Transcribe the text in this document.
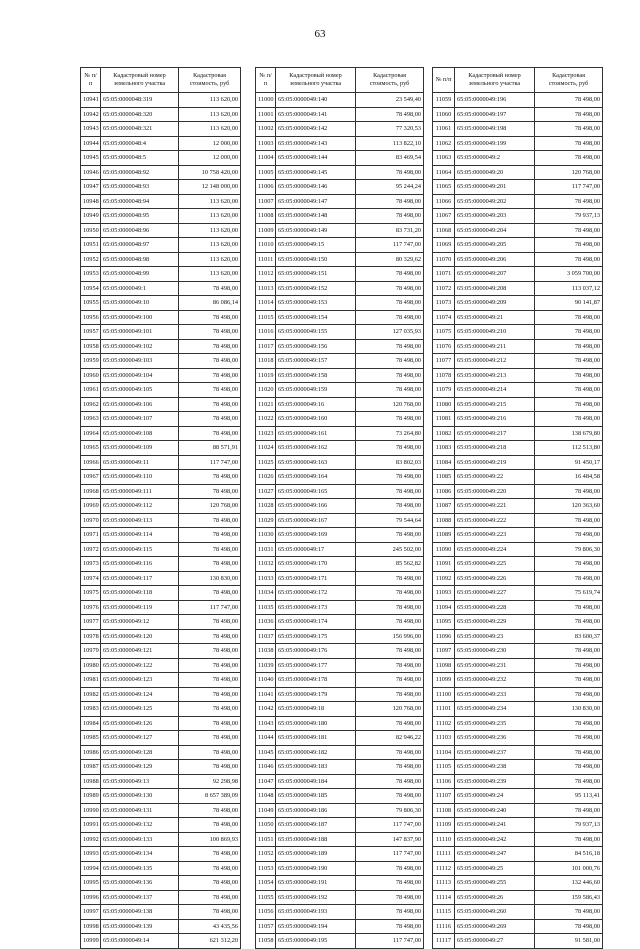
63
№ п/п	Кадастровый номер земельного участка	Кадастровая стоимость, руб
10941	65:05:0000048:319	113 620,00
10942	65:05:0000048:320	113 620,00
10943	65:05:0000048:321	113 620,00
10944	65:05:0000048:4	12 000,00
10945	65:05:0000048:5	12 000,00
10946	65:05:0000048:92	10 758 420,00
10947	65:05:0000048:93	12 148 000,00
10948	65:05:0000048:94	113 620,00
10949	65:05:0000048:95	113 620,00
10950	65:05:0000048:96	113 620,00
10951	65:05:0000048:97	113 620,00
10952	65:05:0000048:98	113 620,00
10953	65:05:0000048:99	113 620,00
10954	65:05:0000049:1	78 498,00
10955	65:05:0000049:10	86 086,14
10956	65:05:0000049:100	78 498,00
10957	65:05:0000049:101	78 498,00
10958	65:05:0000049:102	78 498,00
10959	65:05:0000049:103	78 498,00
10960	65:05:0000049:104	78 498,00
10961	65:05:0000049:105	78 498,00
10962	65:05:0000049:106	78 498,00
10963	65:05:0000049:107	78 498,00
10964	65:05:0000049:108	78 498,00
10965	65:05:0000049:109	88 571,91
10966	65:05:0000049:11	117 747,00
10967	65:05:0000049:110	78 498,00
10968	65:05:0000049:111	78 498,00
10969	65:05:0000049:112	120 768,00
10970	65:05:0000049:113	78 498,00
10971	65:05:0000049:114	78 498,00
10972	65:05:0000049:115	78 498,00
10973	65:05:0000049:116	78 498,00
10974	65:05:0000049:117	130 830,00
10975	65:05:0000049:118	78 498,00
10976	65:05:0000049:119	117 747,00
10977	65:05:0000049:12	78 498,00
10978	65:05:0000049:120	78 498,00
10979	65:05:0000049:121	78 498,00
10980	65:05:0000049:122	78 498,00
10981	65:05:0000049:123	78 498,00
10982	65:05:0000049:124	78 498,00
10983	65:05:0000049:125	78 498,00
10984	65:05:0000049:126	78 498,00
10985	65:05:0000049:127	78 498,00
10986	65:05:0000049:128	78 498,00
10987	65:05:0000049:129	78 498,00
10988	65:05:0000049:13	92 298,98
10989	65:05:0000049:130	8 657 389,09
10990	65:05:0000049:131	78 498,00
10991	65:05:0000049:132	78 498,00
10992	65:05:0000049:133	100 869,93
10993	65:05:0000049:134	78 498,00
10994	65:05:0000049:135	78 498,00
10995	65:05:0000049:136	78 498,00
10996	65:05:0000049:137	78 498,00
10997	65:05:0000049:138	78 498,00
10998	65:05:0000049:139	43 435,56
10999	65:05:0000049:14	621 312,20
№ п/п	Кадастровый номер земельного участка	Кадастровая стоимость, руб
11000	65:05:0000049:140	23 549,40
11001	65:05:0000049:141	78 498,00
11002	65:05:0000049:142	77 320,53
11003	65:05:0000049:143	113 822,10
11004	65:05:0000049:144	83 469,54
11005	65:05:0000049:145	78 498,00
11006	65:05:0000049:146	95 244,24
11007	65:05:0000049:147	78 498,00
11008	65:05:0000049:148	78 498,00
11009	65:05:0000049:149	83 731,20
11010	65:05:0000049:15	117 747,00
11011	65:05:0000049:150	80 329,62
11012	65:05:0000049:151	78 498,00
11013	65:05:0000049:152	78 498,00
11014	65:05:0000049:153	78 498,00
11015	65:05:0000049:154	78 498,00
11016	65:05:0000049:155	127 035,93
11017	65:05:0000049:156	78 498,00
11018	65:05:0000049:157	78 498,00
11019	65:05:0000049:158	78 498,00
11020	65:05:0000049:159	78 498,00
11021	65:05:0000049:16	120 768,00
11022	65:05:0000049:160	78 498,00
11023	65:05:0000049:161	73 264,80
11024	65:05:0000049:162	78 498,00
11025	65:05:0000049:163	83 802,03
11026	65:05:0000049:164	78 498,00
11027	65:05:0000049:165	78 498,00
11028	65:05:0000049:166	78 498,00
11029	65:05:0000049:167	79 544,64
11030	65:05:0000049:169	78 498,00
11031	65:05:0000049:17	245 502,00
11032	65:05:0000049:170	85 562,82
11033	65:05:0000049:171	78 498,00
11034	65:05:0000049:172	78 498,00
11035	65:05:0000049:173	78 498,00
11036	65:05:0000049:174	78 498,00
11037	65:05:0000049:175	156 996,00
11038	65:05:0000049:176	78 498,00
11039	65:05:0000049:177	78 498,00
11040	65:05:0000049:178	78 498,00
11041	65:05:0000049:179	78 498,00
11042	65:05:0000049:18	120 768,00
11043	65:05:0000049:180	78 498,00
11044	65:05:0000049:181	82 946,22
11045	65:05:0000049:182	78 498,00
11046	65:05:0000049:183	78 498,00
11047	65:05:0000049:184	78 498,00
11048	65:05:0000049:185	78 498,00
11049	65:05:0000049:186	79 806,30
11050	65:05:0000049:187	117 747,00
11051	65:05:0000049:188	147 837,90
11052	65:05:0000049:189	117 747,00
11053	65:05:0000049:190	78 498,00
11054	65:05:0000049:191	78 498,00
11055	65:05:0000049:192	78 498,00
11056	65:05:0000049:193	78 498,00
11057	65:05:0000049:194	78 498,00
11058	65:05:0000049:195	117 747,00
№ п/п	Кадастровый номер земельного участка	Кадастровая стоимость, руб
11059	65:05:0000049:196	78 498,00
11060	65:05:0000049:197	78 498,00
11061	65:05:0000049:198	78 498,00
11062	65:05:0000049:199	78 498,00
11063	65:05:0000049:2	78 498,00
11064	65:05:0000049:20	120 768,00
11065	65:05:0000049:201	117 747,00
11066	65:05:0000049:202	78 498,00
11067	65:05:0000049:203	79 937,13
11068	65:05:0000049:204	78 498,00
11069	65:05:0000049:205	78 498,00
11070	65:05:0000049:206	78 498,00
11071	65:05:0000049:207	3 059 700,00
11072	65:05:0000049:208	113 037,12
11073	65:05:0000049:209	90 141,87
11074	65:05:0000049:21	78 498,00
11075	65:05:0000049:210	78 498,00
11076	65:05:0000049:211	78 498,00
11077	65:05:0000049:212	78 498,00
11078	65:05:0000049:213	78 498,00
11079	65:05:0000049:214	78 498,00
11080	65:05:0000049:215	78 498,00
11081	65:05:0000049:216	78 498,00
11082	65:05:0000049:217	138 679,80
11083	65:05:0000049:218	112 513,80
11084	65:05:0000049:219	91 450,17
11085	65:05:0000049:22	16 484,58
11086	65:05:0000049:220	78 498,00
11087	65:05:0000049:221	120 363,60
11088	65:05:0000049:222	78 498,00
11089	65:05:0000049:223	78 498,00
11090	65:05:0000049:224	79 806,30
11091	65:05:0000049:225	78 498,00
11092	65:05:0000049:226	78 498,00
11093	65:05:0000049:227	75 619,74
11094	65:05:0000049:228	78 498,00
11095	65:05:0000049:229	78 498,00
11096	65:05:0000049:23	83 600,37
11097	65:05:0000049:230	78 498,00
11098	65:05:0000049:231	78 498,00
11099	65:05:0000049:232	78 498,00
11100	65:05:0000049:233	78 498,00
11101	65:05:0000049:234	130 830,00
11102	65:05:0000049:235	78 498,00
11103	65:05:0000049:236	78 498,00
11104	65:05:0000049:237	78 498,00
11105	65:05:0000049:238	78 498,00
11106	65:05:0000049:239	78 498,00
11107	65:05:0000049:24	95 113,41
11108	65:05:0000049:240	78 498,00
11109	65:05:0000049:241	79 937,13
11110	65:05:0000049:242	78 498,00
11111	65:05:0000049:247	84 516,18
11112	65:05:0000049:25	101 000,76
11113	65:05:0000049:255	132 446,60
11114	65:05:0000049:26	159 586,43
11115	65:05:0000049:260	78 498,00
11116	65:05:0000049:269	78 498,00
11117	65:05:0000049:27	91 581,00
